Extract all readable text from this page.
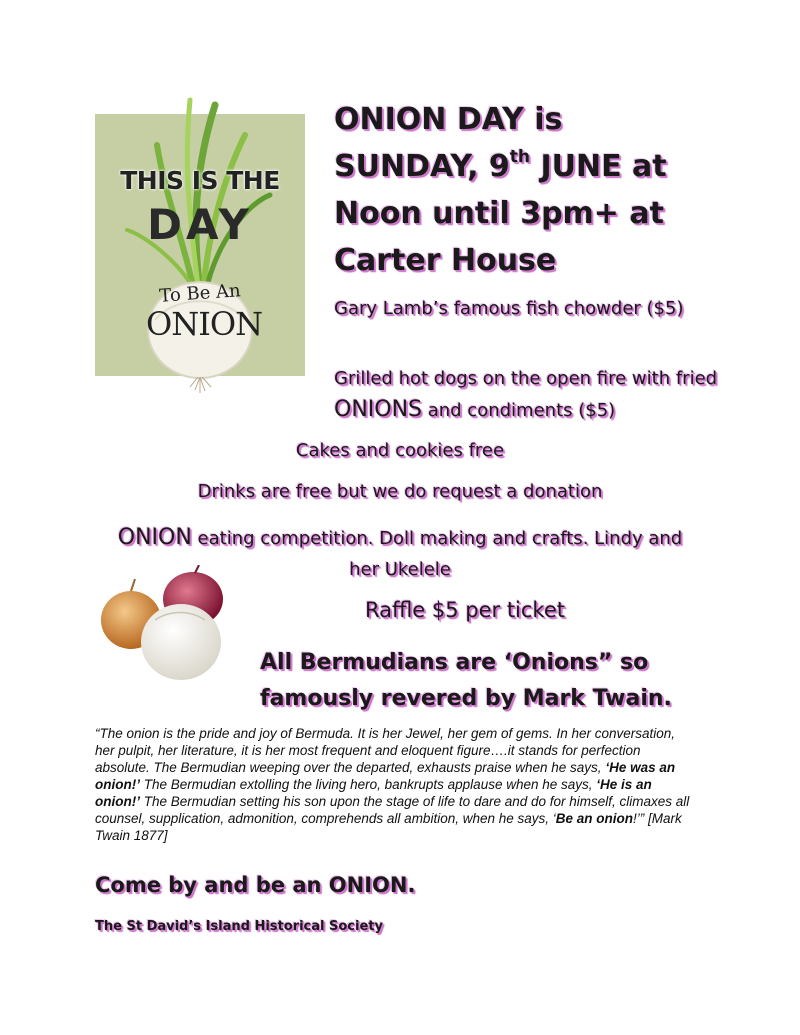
THIS IS THE
DAY
To Be An
ONION
ONION DAY is
SUNDAY, 9th JUNE at
Noon until 3pm+ at
Carter House
Gary Lamb’s famous fish chowder ($5)
Grilled hot dogs on the open fire with fried ONIONS and condiments ($5)
Cakes and cookies free
Drinks are free but we do request a donation
ONION eating competition. Doll making and crafts. Lindy and her Ukelele
Raffle $5 per ticket
All Bermudians are ‘Onions” so
famously revered by Mark Twain.
“The onion is the pride and joy of Bermuda. It is her Jewel, her gem of gems. In her conversation, her pulpit, her literature, it is her most frequent and eloquent figure….it stands for perfection absolute. The Bermudian weeping over the departed, exhausts praise when he says, ‘He was an onion!’ The Bermudian extolling the living hero, bankrupts applause when he says, ‘He is an onion!’ The Bermudian setting his son upon the stage of life to dare and do for himself, climaxes all counsel, supplication, admonition, comprehends all ambition, when he says, ‘Be an onion!’” [Mark Twain 1877]
Come by and be an ONION.
The St David’s Island Historical Society
